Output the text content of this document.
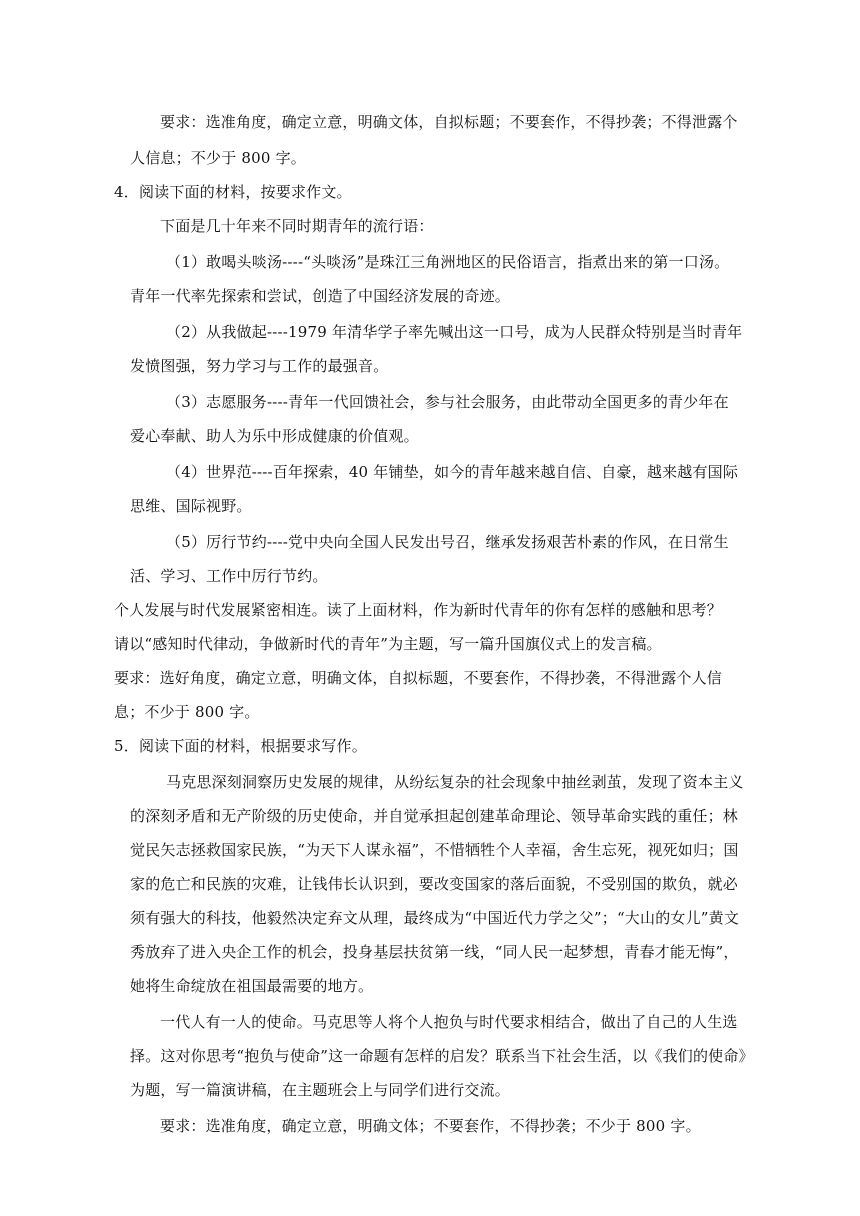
要求：选准角度，确定立意，明确文体，自拟标题；不要套作，不得抄袭；不得泄露个
人信息；不少于 800 字。
4．阅读下面的材料，按要求作文。
下面是几十年来不同时期青年的流行语：
（1）敢喝头啖汤----“头啖汤”是珠江三角洲地区的民俗语言，指煮出来的第一口汤。
青年一代率先探索和尝试，创造了中国经济发展的奇迹。
（2）从我做起----1979 年清华学子率先喊出这一口号，成为人民群众特别是当时青年
发愤图强，努力学习与工作的最强音。
（3）志愿服务----青年一代回馈社会，参与社会服务，由此带动全国更多的青少年在
爱心奉献、助人为乐中形成健康的价值观。
（4）世界范----百年探索，40 年铺垫，如今的青年越来越自信、自豪，越来越有国际
思维、国际视野。
（5）厉行节约----党中央向全国人民发出号召，继承发扬艰苦朴素的作风，在日常生
活、学习、工作中厉行节约。
个人发展与时代发展紧密相连。读了上面材料，作为新时代青年的你有怎样的感触和思考？
请以“感知时代律动，争做新时代的青年”为主题，写一篇升国旗仪式上的发言稿。
要求：选好角度，确定立意，明确文体，自拟标题，不要套作，不得抄袭，不得泄露个人信
息；不少于 800 字。
5．阅读下面的材料，根据要求写作。
马克思深刻洞察历史发展的规律，从纷纭复杂的社会现象中抽丝剥茧，发现了资本主义
的深刻矛盾和无产阶级的历史使命，并自觉承担起创建革命理论、领导革命实践的重任；林
觉民矢志拯救国家民族，“为天下人谋永福”，不惜牺牲个人幸福，舍生忘死，视死如归；国
家的危亡和民族的灾难，让钱伟长认识到，要改变国家的落后面貌，不受别国的欺负，就必
须有强大的科技，他毅然决定弃文从理，最终成为“中国近代力学之父”；“大山的女儿”黄文
秀放弃了进入央企工作的机会，投身基层扶贫第一线，“同人民一起梦想，青春才能无悔”，
她将生命绽放在祖国最需要的地方。
一代人有一人的使命。马克思等人将个人抱负与时代要求相结合，做出了自己的人生选
择。这对你思考“抱负与使命”这一命题有怎样的启发？联系当下社会生活，以《我们的使命》
为题，写一篇演讲稿，在主题班会上与同学们进行交流。
要求：选准角度，确定立意，明确文体；不要套作，不得抄袭；不少于 800 字。
